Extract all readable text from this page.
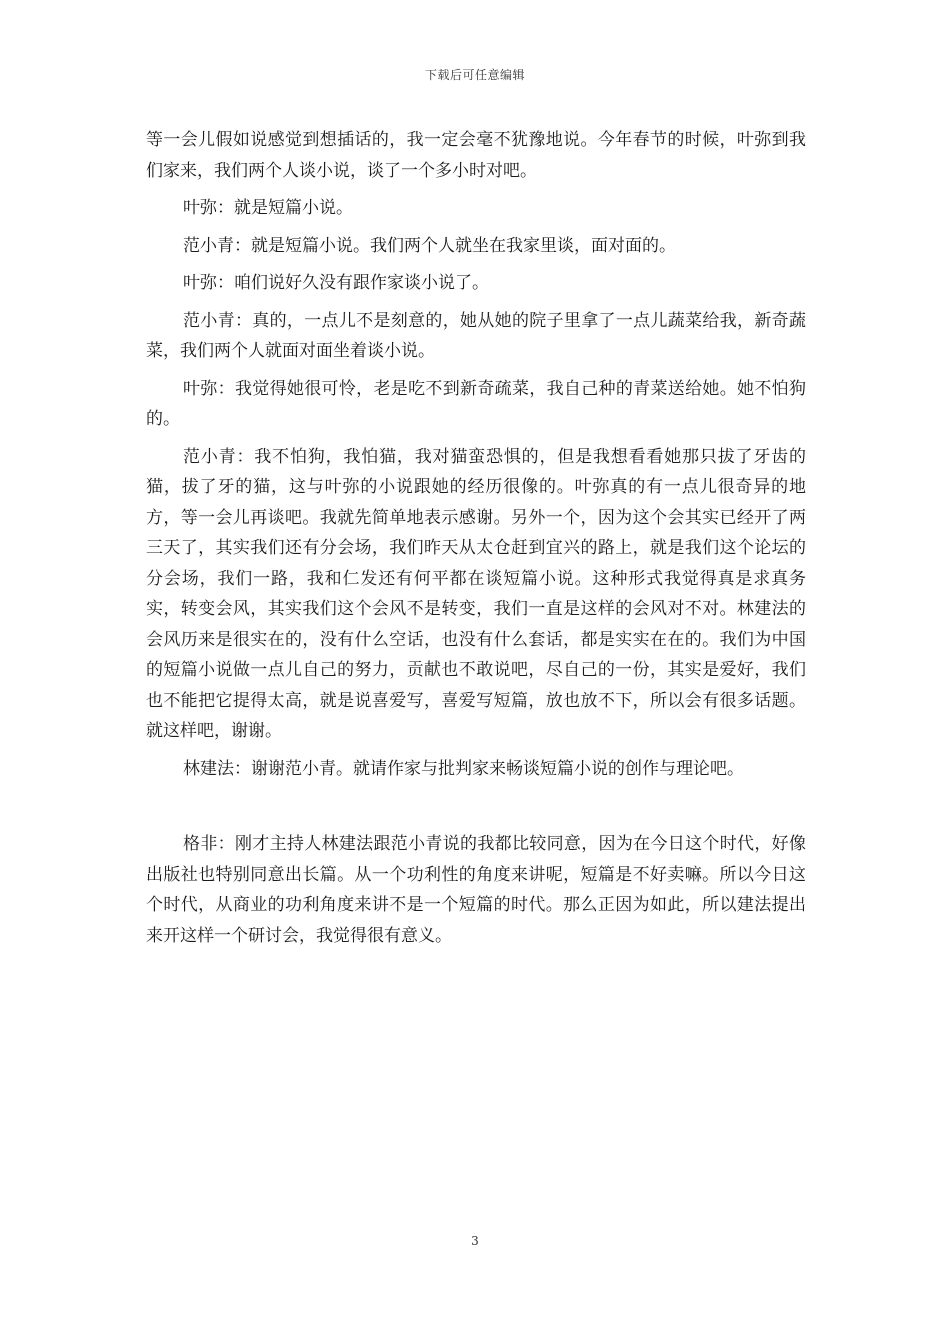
下载后可任意编辑

等一会儿假如说感觉到想插话的，我一定会毫不犹豫地说。今年春节的时候，叶弥到我们家来，我们两个人谈小说，谈了一个多小时对吧。

叶弥：就是短篇小说。

范小青：就是短篇小说。我们两个人就坐在我家里谈，面对面的。

叶弥：咱们说好久没有跟作家谈小说了。

范小青：真的，一点儿不是刻意的，她从她的院子里拿了一点儿蔬菜给我，新奇蔬菜，我们两个人就面对面坐着谈小说。

叶弥：我觉得她很可怜，老是吃不到新奇疏菜，我自己种的青菜送给她。她不怕狗的。

范小青：我不怕狗，我怕猫，我对猫蛮恐惧的，但是我想看看她那只拔了牙齿的猫，拔了牙的猫，这与叶弥的小说跟她的经历很像的。叶弥真的有一点儿很奇异的地方，等一会儿再谈吧。我就先简单地表示感谢。另外一个，因为这个会其实已经开了两三天了，其实我们还有分会场，我们昨天从太仓赶到宜兴的路上，就是我们这个论坛的分会场，我们一路，我和仁发还有何平都在谈短篇小说。这种形式我觉得真是求真务实，转变会风，其实我们这个会风不是转变，我们一直是这样的会风对不对。林建法的会风历来是很实在的，没有什么空话，也没有什么套话，都是实实在在的。我们为中国的短篇小说做一点儿自己的努力，贡献也不敢说吧，尽自己的一份，其实是爱好，我们也不能把它提得太高，就是说喜爱写，喜爱写短篇，放也放不下，所以会有很多话题。就这样吧，谢谢。

林建法：谢谢范小青。就请作家与批判家来畅谈短篇小说的创作与理论吧。

格非：刚才主持人林建法跟范小青说的我都比较同意，因为在今日这个时代，好像出版社也特别同意出长篇。从一个功利性的角度来讲呢，短篇是不好卖嘛。所以今日这个时代，从商业的功利角度来讲不是一个短篇的时代。那么正因为如此，所以建法提出来开这样一个研讨会，我觉得很有意义。

3
